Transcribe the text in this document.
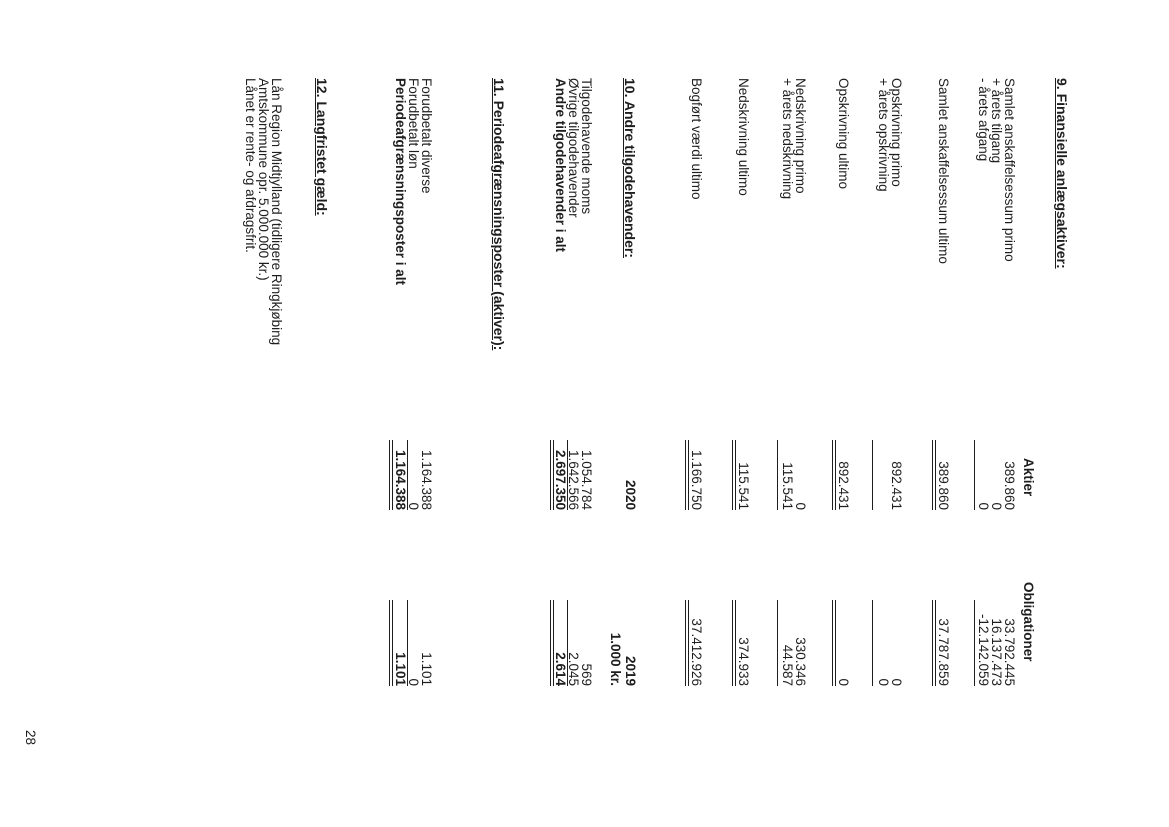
9. Finansielle anlægsaktiver:
Aktier
Obligationer
Samlet anskaffelsessum primo
389.860
33.792.445
+ årets tilgang
0
16.137.473
- årets afgang
0
-12.142.059
Samlet anskaffelsessum ultimo
389.860
37.787.859
Opskrivning primo
892.431
0
+ årets opskrivning
0
Opskrivning ultimo
892.431
0
Nedskrivning primo
0
330.346
+ årets nedskrivning
115.541
44.587
Nedskrivning ultimo
115.541
374.933
Bogført værdi ultimo
1.166.750
37.412.926
10. Andre tilgodehavender:
2020
2019
1.000 kr.
Tilgodehavende moms
1.054.784
569
Øvrige tilgodehavender
1.642.566
2.045
Andre tilgodehavender i alt
2.697.350
2.614
11. Periodeafgrænsningsposter (aktiver):
Forudbetalt diverse
1.164.388
1.101
Forudbetalt løn
0
0
Periodeafgrænsningsposter i alt
1.164.388
1.101
12. Langfristet gæld:
Lån Region Midtjylland (tidligere Ringkjøbing
Amtskommune opr. 5.000.000 kr.)
Lånet er rente- og afdragsfrit.
28
